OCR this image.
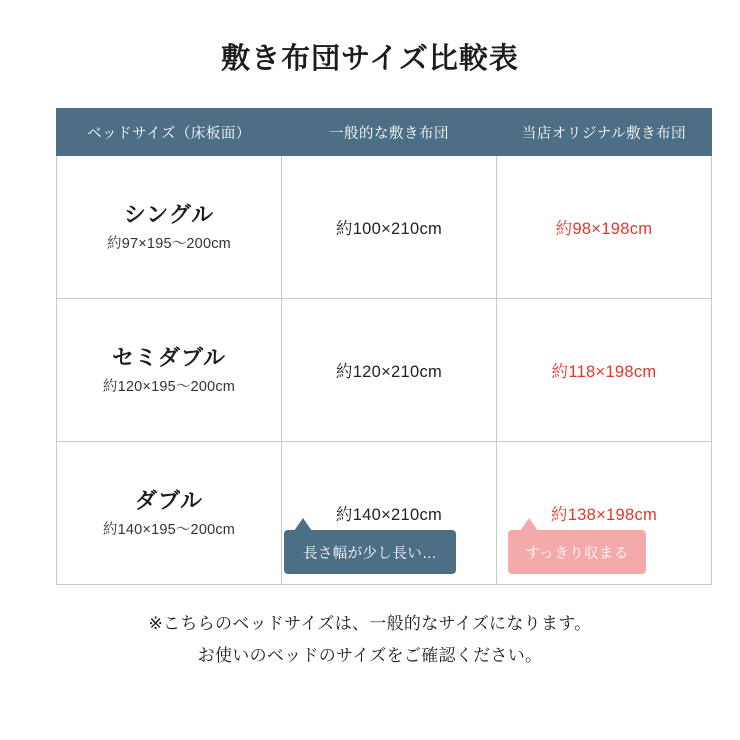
敷き布団サイズ比較表
ベッドサイズ（床板面）	一般的な敷き布団	当店オリジナル敷き布団

シングル
約97×195〜200cm	約100×210cm	約98×198cm

セミダブル
約120×195〜200cm	約120×210cm	約118×198cm

ダブル
約140×195〜200cm	約140×210cm	約138×198cm
長さ幅が少し長い…	すっきり収まる
※こちらのベッドサイズは、一般的なサイズになります。
お使いのベッドのサイズをご確認ください。
